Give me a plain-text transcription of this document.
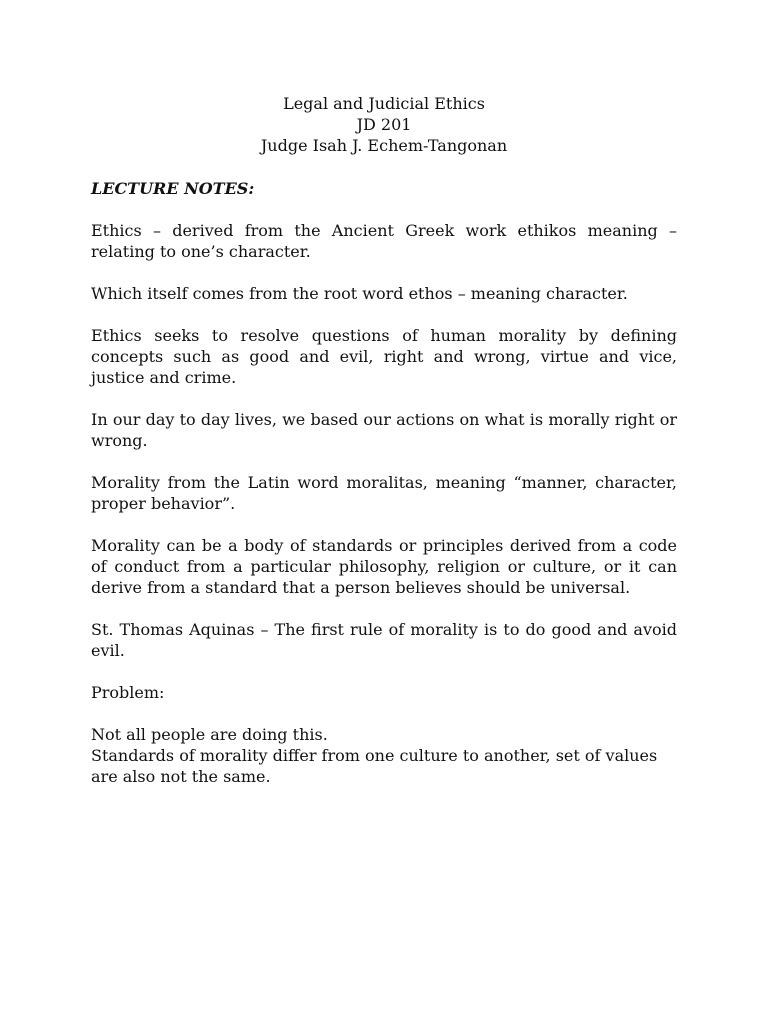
Legal and Judicial Ethics
JD 201
Judge Isah J. Echem-Tangonan
LECTURE NOTES:
Ethics – derived from the Ancient Greek work ethikos meaning – relating to one’s character.
Which itself comes from the root word ethos – meaning character.
Ethics seeks to resolve questions of human morality by defining concepts such as good and evil, right and wrong, virtue and vice, justice and crime.
In our day to day lives, we based our actions on what is morally right or wrong.
Morality from the Latin word moralitas, meaning “manner, character, proper behavior”.
Morality can be a body of standards or principles derived from a code of conduct from a particular philosophy, religion or culture, or it can derive from a standard that a person believes should be universal.
St. Thomas Aquinas – The first rule of morality is to do good and avoid evil.
Problem:
Not all people are doing this.
Standards of morality differ from one culture to another, set of values are also not the same.
